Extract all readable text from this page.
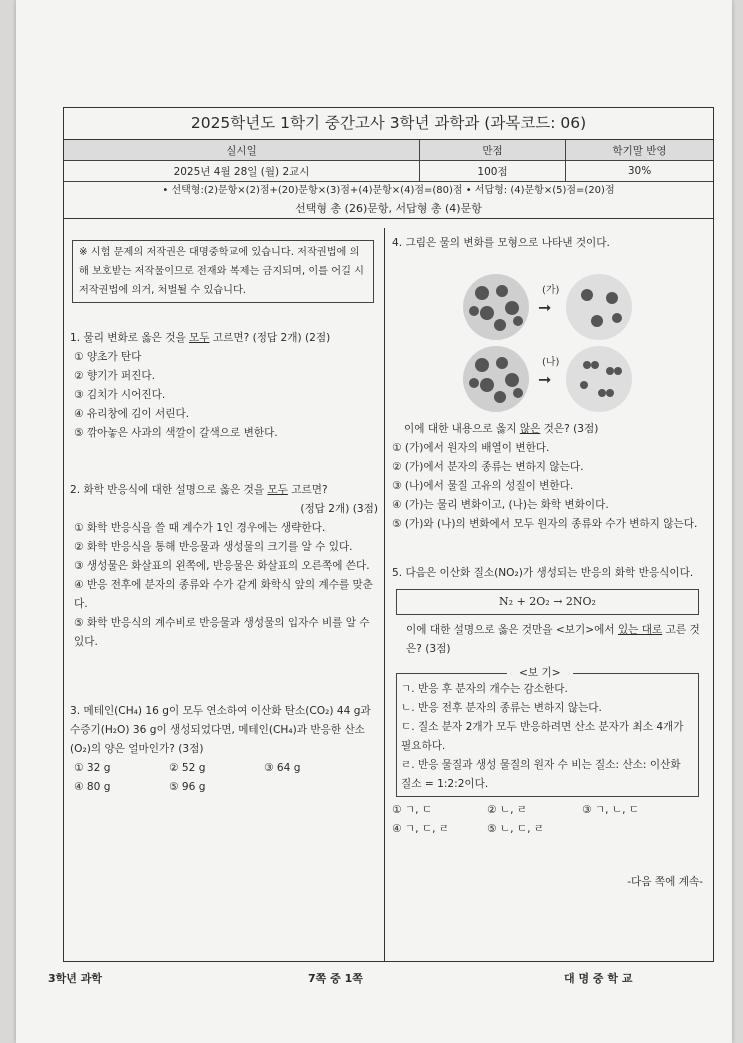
2025학년도 1학기 중간고사 3학년 과학과 (과목코드: 06)
실시일	만점	학기말 반영
2025년 4월 28일 (월) 2교시	100점	30%
• 선택형:(2)문항×(2)점+(20)문항×(3)점+(4)문항×(4)점=(80)점 • 서답형: (4)문항×(5)점=(20)점
선택형 총 (26)문항, 서답형 총 (4)문항
※ 시험 문제의 저작권은 대명중학교에 있습니다. 저작권법에 의해 보호받는 저작물이므로 전재와 복제는 금지되며, 이를 어길 시 저작권법에 의거, 처벌될 수 있습니다.
1. 물리 변화로 옳은 것을 모두 고르면? (정답 2개) (2점)
① 양초가 탄다
② 향기가 퍼진다.
③ 김치가 시어진다.
④ 유리창에 김이 서린다.
⑤ 깎아놓은 사과의 색깔이 갈색으로 변한다.
2. 화학 반응식에 대한 설명으로 옳은 것을 모두 고르면?
(정답 2개) (3점)
① 화학 반응식을 쓸 때 계수가 1인 경우에는 생략한다.
② 화학 반응식을 통해 반응물과 생성물의 크기를 알 수 있다.
③ 생성물은 화살표의 왼쪽에, 반응물은 화살표의 오른쪽에 쓴다.
④ 반응 전후에 분자의 종류와 수가 같게 화학식 앞의 계수를 맞춘다.
⑤ 화학 반응식의 계수비로 반응물과 생성물의 입자수 비를 알 수 있다.
3. 메테인(CH₄) 16 g이 모두 연소하여 이산화 탄소(CO₂) 44 g과 수증기(H₂O) 36 g이 생성되었다면, 메테인(CH₄)과 반응한 산소(O₂)의 양은 얼마인가? (3점)
① 32 g	② 52 g	③ 64 g
④ 80 g	⑤ 96 g
4. 그림은 물의 변화를 모형으로 나타낸 것이다.
(가)
➞
(나)
➞
이에 대한 내용으로 옳지 않은 것은? (3점)
① (가)에서 원자의 배열이 변한다.
② (가)에서 분자의 종류는 변하지 않는다.
③ (나)에서 물질 고유의 성질이 변한다.
④ (가)는 물리 변화이고, (나)는 화학 변화이다.
⑤ (가)와 (나)의 변화에서 모두 원자의 종류와 수가 변하지 않는다.
5. 다음은 이산화 질소(NO₂)가 생성되는 반응의 화학 반응식이다.
N₂ + 2O₂ → 2NO₂
이에 대한 설명으로 옳은 것만을 <보기>에서 있는 대로 고른 것은? (3점)
<보 기>
ㄱ. 반응 후 분자의 개수는 감소한다.
ㄴ. 반응 전후 분자의 종류는 변하지 않는다.
ㄷ. 질소 분자 2개가 모두 반응하려면 산소 분자가 최소 4개가 필요하다.
ㄹ. 반응 물질과 생성 물질의 원자 수 비는 질소: 산소: 이산화 질소 = 1:2:2이다.
① ㄱ, ㄷ	② ㄴ, ㄹ	③ ㄱ, ㄴ, ㄷ
④ ㄱ, ㄷ, ㄹ	⑤ ㄴ, ㄷ, ㄹ
-다음 쪽에 계속-
3학년 과학	7쪽 중 1쪽	대 명 중 학 교
